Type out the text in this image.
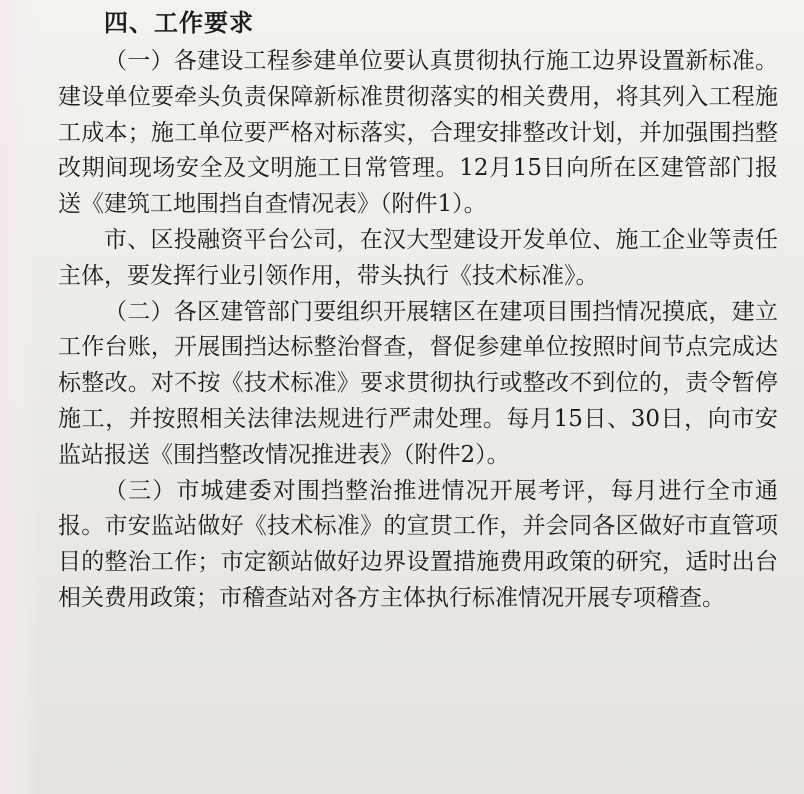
四、工作要求

（一）各建设工程参建单位要认真贯彻执行施工边界设置新标准。建设单位要牵头负责保障新标准贯彻落实的相关费用，将其列入工程施工成本；施工单位要严格对标落实，合理安排整改计划，并加强围挡整改期间现场安全及文明施工日常管理。12月15日向所在区建管部门报送《建筑工地围挡自查情况表》（附件1）。

市、区投融资平台公司，在汉大型建设开发单位、施工企业等责任主体，要发挥行业引领作用，带头执行《技术标准》。

（二）各区建管部门要组织开展辖区在建项目围挡情况摸底，建立工作台账，开展围挡达标整治督查，督促参建单位按照时间节点完成达标整改。对不按《技术标准》要求贯彻执行或整改不到位的，责令暂停施工，并按照相关法律法规进行严肃处理。每月15日、30日，向市安监站报送《围挡整改情况推进表》（附件2）。

（三）市城建委对围挡整治推进情况开展考评，每月进行全市通报。市安监站做好《技术标准》的宣贯工作，并会同各区做好市直管项目的整治工作；市定额站做好边界设置措施费用政策的研究，适时出台相关费用政策；市稽查站对各方主体执行标准情况开展专项稽查。
